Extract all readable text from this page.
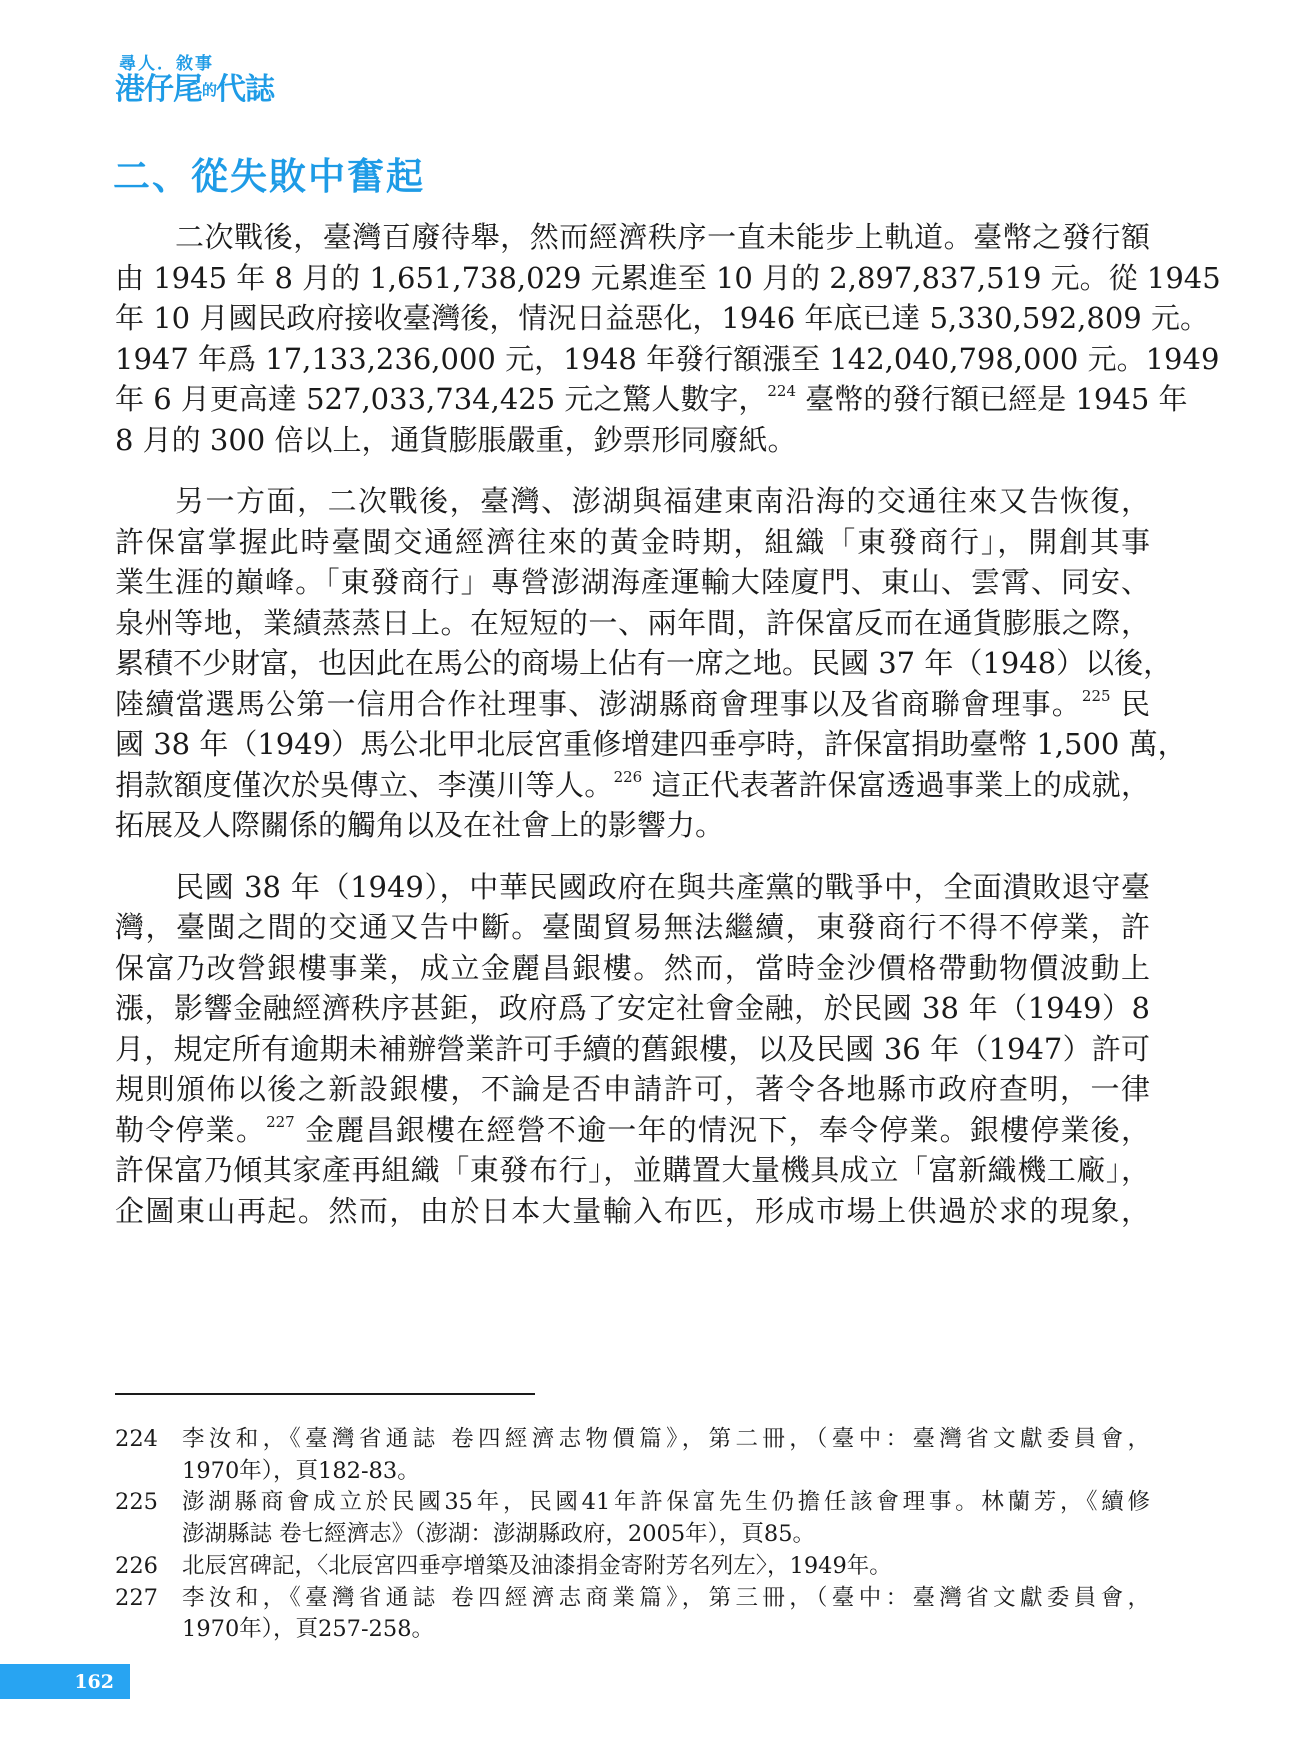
尋人．敘事
港仔尾的代誌
二、從失敗中奮起

二次戰後，臺灣百廢待舉，然而經濟秩序一直未能步上軌道。臺幣之發行額
由 1945 年 8 月的 1,651,738,029 元累進至 10 月的 2,897,837,519 元。從 1945
年 10 月國民政府接收臺灣後，情況日益惡化，1946 年底已達 5,330,592,809 元。
1947 年爲 17,133,236,000 元，1948 年發行額漲至 142,040,798,000 元。1949
年 6 月更高達 527,033,734,425 元之驚人數字，$^{224}$ 臺幣的發行額已經是 1945 年
8 月的 300 倍以上，通貨膨脹嚴重，鈔票形同廢紙。

另一方面，二次戰後，臺灣、澎湖與福建東南沿海的交通往來又告恢復，
許保富掌握此時臺閩交通經濟往來的黃金時期，組織「東發商行」，開創其事
業生涯的巔峰。「東發商行」專營澎湖海產運輸大陸廈門、東山、雲霄、同安、
泉州等地，業績蒸蒸日上。在短短的一、兩年間，許保富反而在通貨膨脹之際，
累積不少財富，也因此在馬公的商場上佔有一席之地。民國 37 年（1948）以後，
陸續當選馬公第一信用合作社理事、澎湖縣商會理事以及省商聯會理事。$^{225}$ 民
國 38 年（1949）馬公北甲北辰宮重修增建四垂亭時，許保富捐助臺幣 1,500 萬，
捐款額度僅次於吳傳立、李漢川等人。$^{226}$ 這正代表著許保富透過事業上的成就，
拓展及人際關係的觸角以及在社會上的影響力。

民國 38 年（1949），中華民國政府在與共產黨的戰爭中，全面潰敗退守臺
灣，臺閩之間的交通又告中斷。臺閩貿易無法繼續，東發商行不得不停業，許
保富乃改營銀樓事業，成立金麗昌銀樓。然而，當時金沙價格帶動物價波動上
漲，影響金融經濟秩序甚鉅，政府爲了安定社會金融，於民國 38 年（1949）8
月，規定所有逾期未補辦營業許可手續的舊銀樓，以及民國 36 年（1947）許可
規則頒佈以後之新設銀樓，不論是否申請許可，著令各地縣市政府查明，一律
勒令停業。$^{227}$ 金麗昌銀樓在經營不逾一年的情況下，奉令停業。銀樓停業後，
許保富乃傾其家產再組織「東發布行」，並購置大量機具成立「富新織機工廠」，
企圖東山再起。然而，由於日本大量輸入布匹，形成市場上供過於求的現象，

224	李汝和，《臺灣省通誌 卷四經濟志物價篇》，第二冊，（臺中：臺灣省文獻委員會，
1970年），頁182-83。
225	澎湖縣商會成立於民國35年，民國41年許保富先生仍擔任該會理事。林蘭芳，《續修
澎湖縣誌 卷七經濟志》（澎湖：澎湖縣政府，2005年），頁85。
226	北辰宮碑記，〈北辰宮四垂亭增築及油漆捐金寄附芳名列左〉，1949年。
227	李汝和，《臺灣省通誌 卷四經濟志商業篇》，第三冊，（臺中：臺灣省文獻委員會，
1970年），頁257-258。
162
